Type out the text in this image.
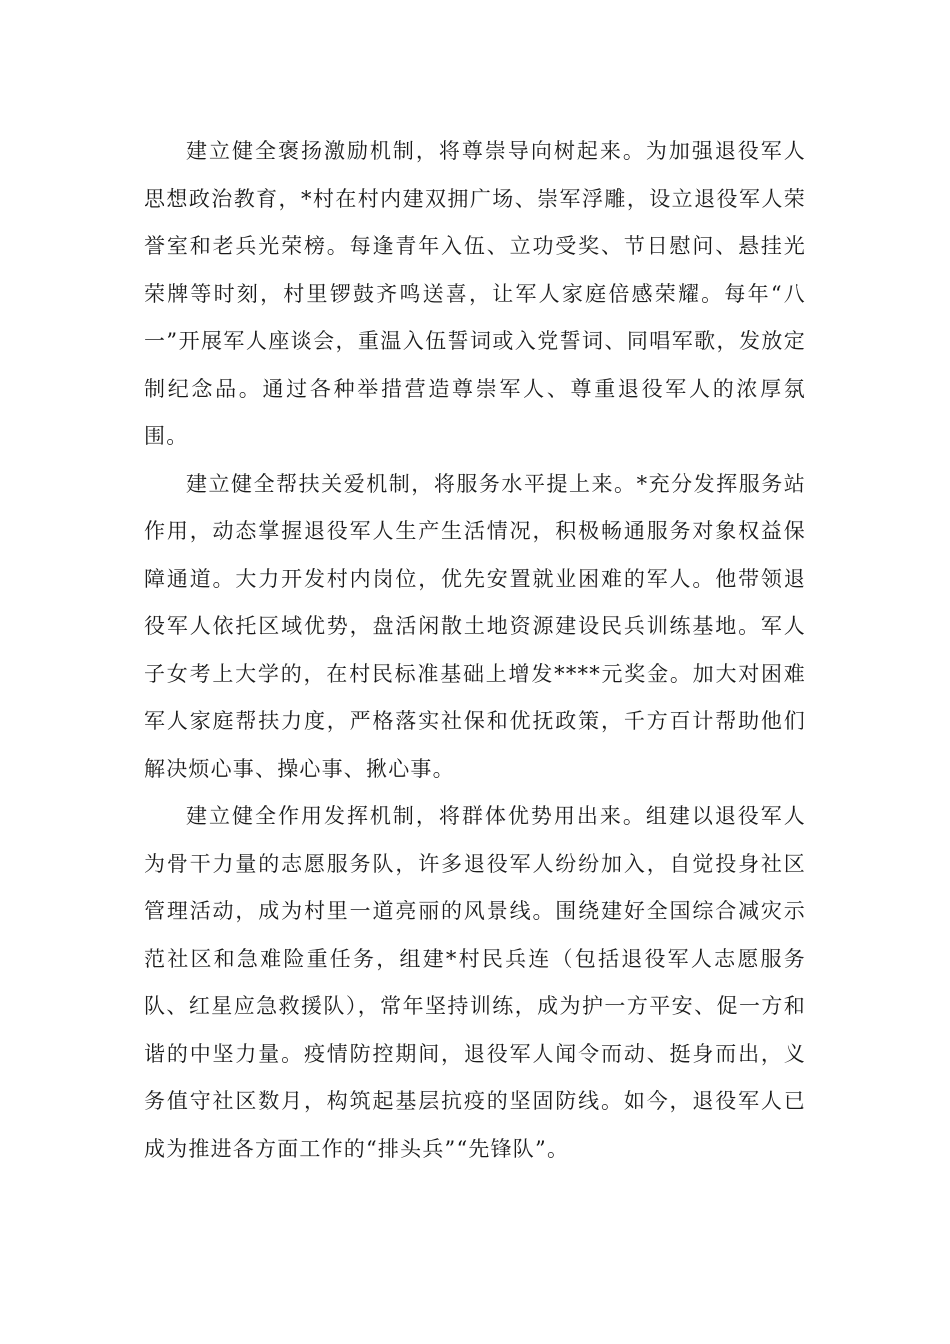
建立健全褒扬激励机制，将尊崇导向树起来。为加强退役军人思想政治教育，*村在村内建双拥广场、崇军浮雕，设立退役军人荣誉室和老兵光荣榜。每逢青年入伍、立功受奖、节日慰问、悬挂光荣牌等时刻，村里锣鼓齐鸣送喜，让军人家庭倍感荣耀。每年“八一”开展军人座谈会，重温入伍誓词或入党誓词、同唱军歌，发放定制纪念品。通过各种举措营造尊崇军人、尊重退役军人的浓厚氛围。

建立健全帮扶关爱机制，将服务水平提上来。*充分发挥服务站作用，动态掌握退役军人生产生活情况，积极畅通服务对象权益保障通道。大力开发村内岗位，优先安置就业困难的军人。他带领退役军人依托区域优势，盘活闲散土地资源建设民兵训练基地。军人子女考上大学的，在村民标准基础上增发****元奖金。加大对困难军人家庭帮扶力度，严格落实社保和优抚政策，千方百计帮助他们解决烦心事、操心事、揪心事。

建立健全作用发挥机制，将群体优势用出来。组建以退役军人为骨干力量的志愿服务队，许多退役军人纷纷加入，自觉投身社区管理活动，成为村里一道亮丽的风景线。围绕建好全国综合减灾示范社区和急难险重任务，组建*村民兵连（包括退役军人志愿服务队、红星应急救援队），常年坚持训练，成为护一方平安、促一方和谐的中坚力量。疫情防控期间，退役军人闻令而动、挺身而出，义务值守社区数月，构筑起基层抗疫的坚固防线。如今，退役军人已成为推进各方面工作的“排头兵”“先锋队”。
